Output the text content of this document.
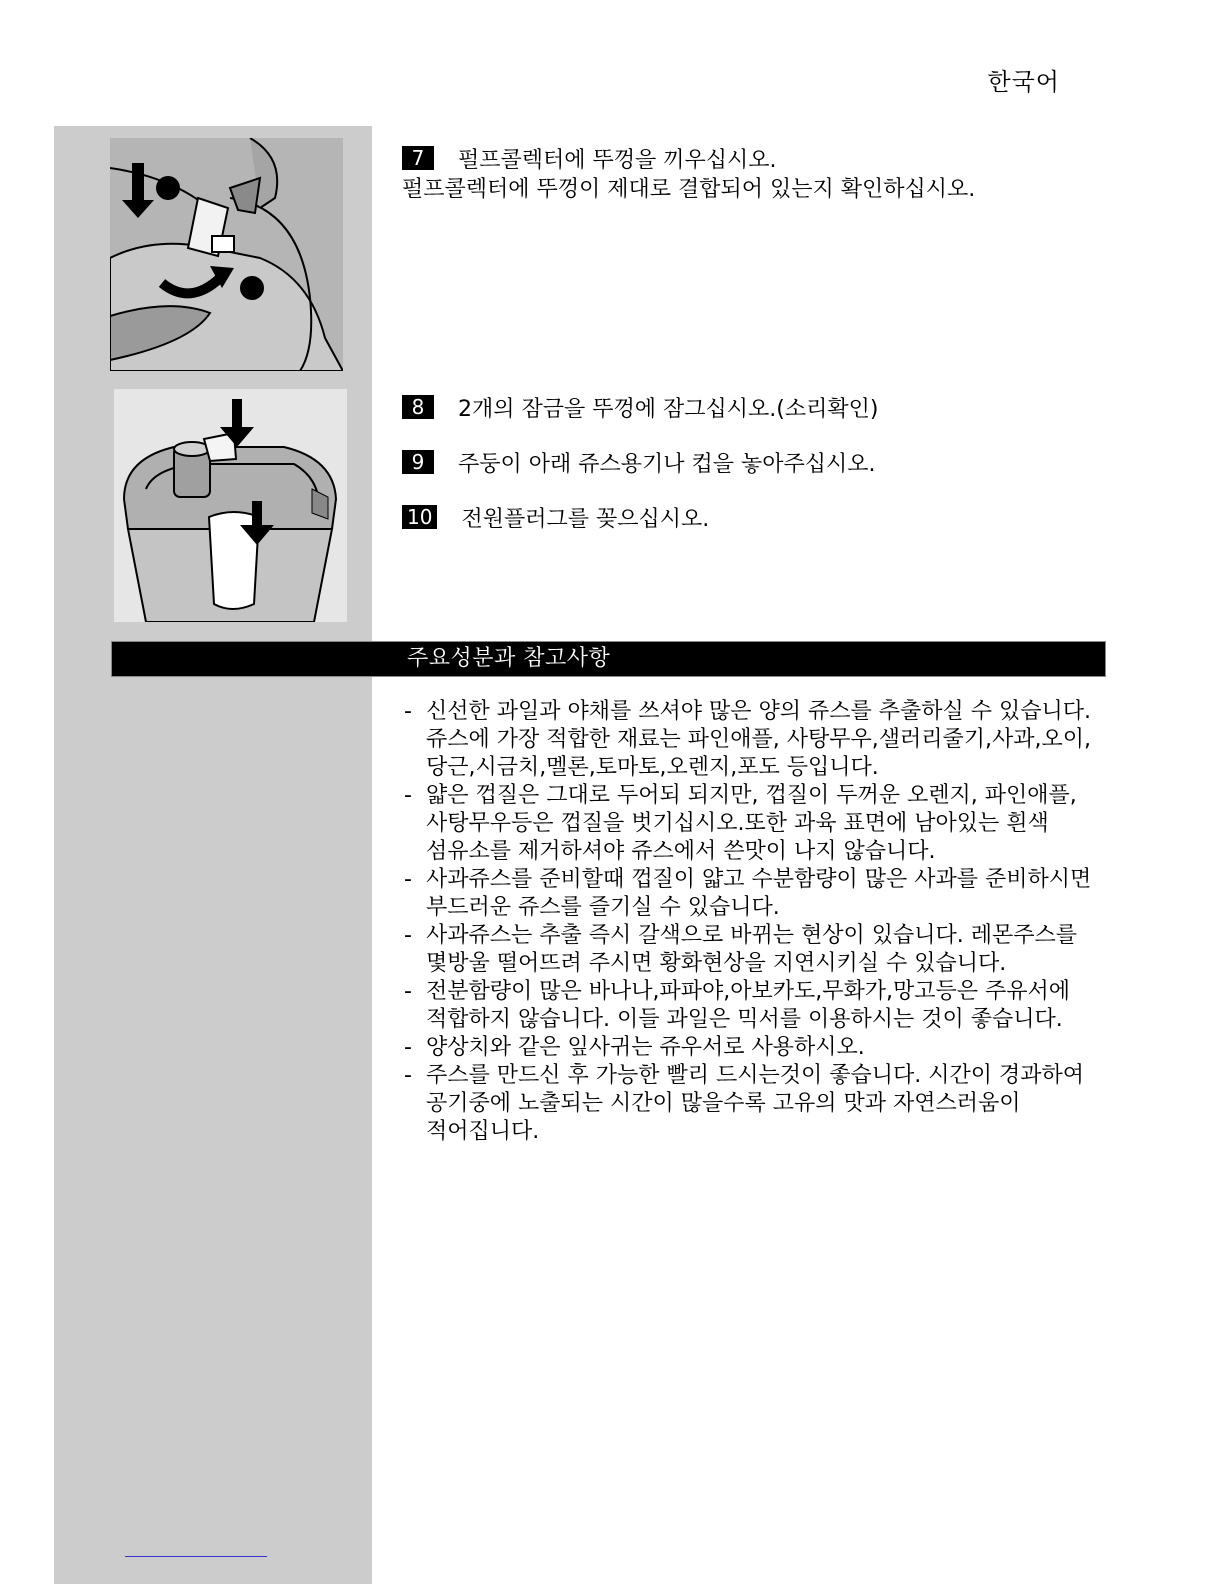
한국어
7 펄프콜렉터에 뚜껑을 끼우십시오.
펄프콜렉터에 뚜껑이 제대로 결합되어 있는지 확인하십시오.
8 2개의 잠금을 뚜껑에 잠그십시오.(소리확인)
9 주둥이 아래 쥬스용기나 컵을 놓아주십시오.
10 전원플러그를 꽂으십시오.
주요성분과 참고사항
- 신선한 과일과 야채를 쓰셔야 많은 양의 쥬스를 추출하실 수 있습니다.쥬스에 가장 적합한 재료는 파인애플, 사탕무우,샐러리줄기,사과,오이,당근,시금치,멜론,토마토,오렌지,포도 등입니다.
- 얇은 껍질은 그대로 두어되 되지만, 껍질이 두꺼운 오렌지, 파인애플,사탕무우등은 껍질을 벗기십시오.또한 과육 표면에 남아있는 흰색 섬유소를 제거하셔야 쥬스에서 쓴맛이 나지 않습니다.
- 사과쥬스를 준비할때 껍질이 얇고 수분함량이 많은 사과를 준비하시면 부드러운 쥬스를 즐기실 수 있습니다.
- 사과쥬스는 추출 즉시 갈색으로 바뀌는 현상이 있습니다. 레몬주스를 몇방울 떨어뜨려 주시면 황화현상을 지연시키실 수 있습니다.
- 전분함량이 많은 바나나,파파야,아보카도,무화가,망고등은 주유서에 적합하지 않습니다. 이들 과일은 믹서를 이용하시는 것이 좋습니다.
- 양상치와 같은 잎사귀는 쥬우서로 사용하시오.
- 주스를 만드신 후 가능한 빨리 드시는것이 좋습니다. 시간이 경과하여 공기중에 노출되는 시간이 많을수록 고유의 맛과 자연스러움이 적어집니다.
